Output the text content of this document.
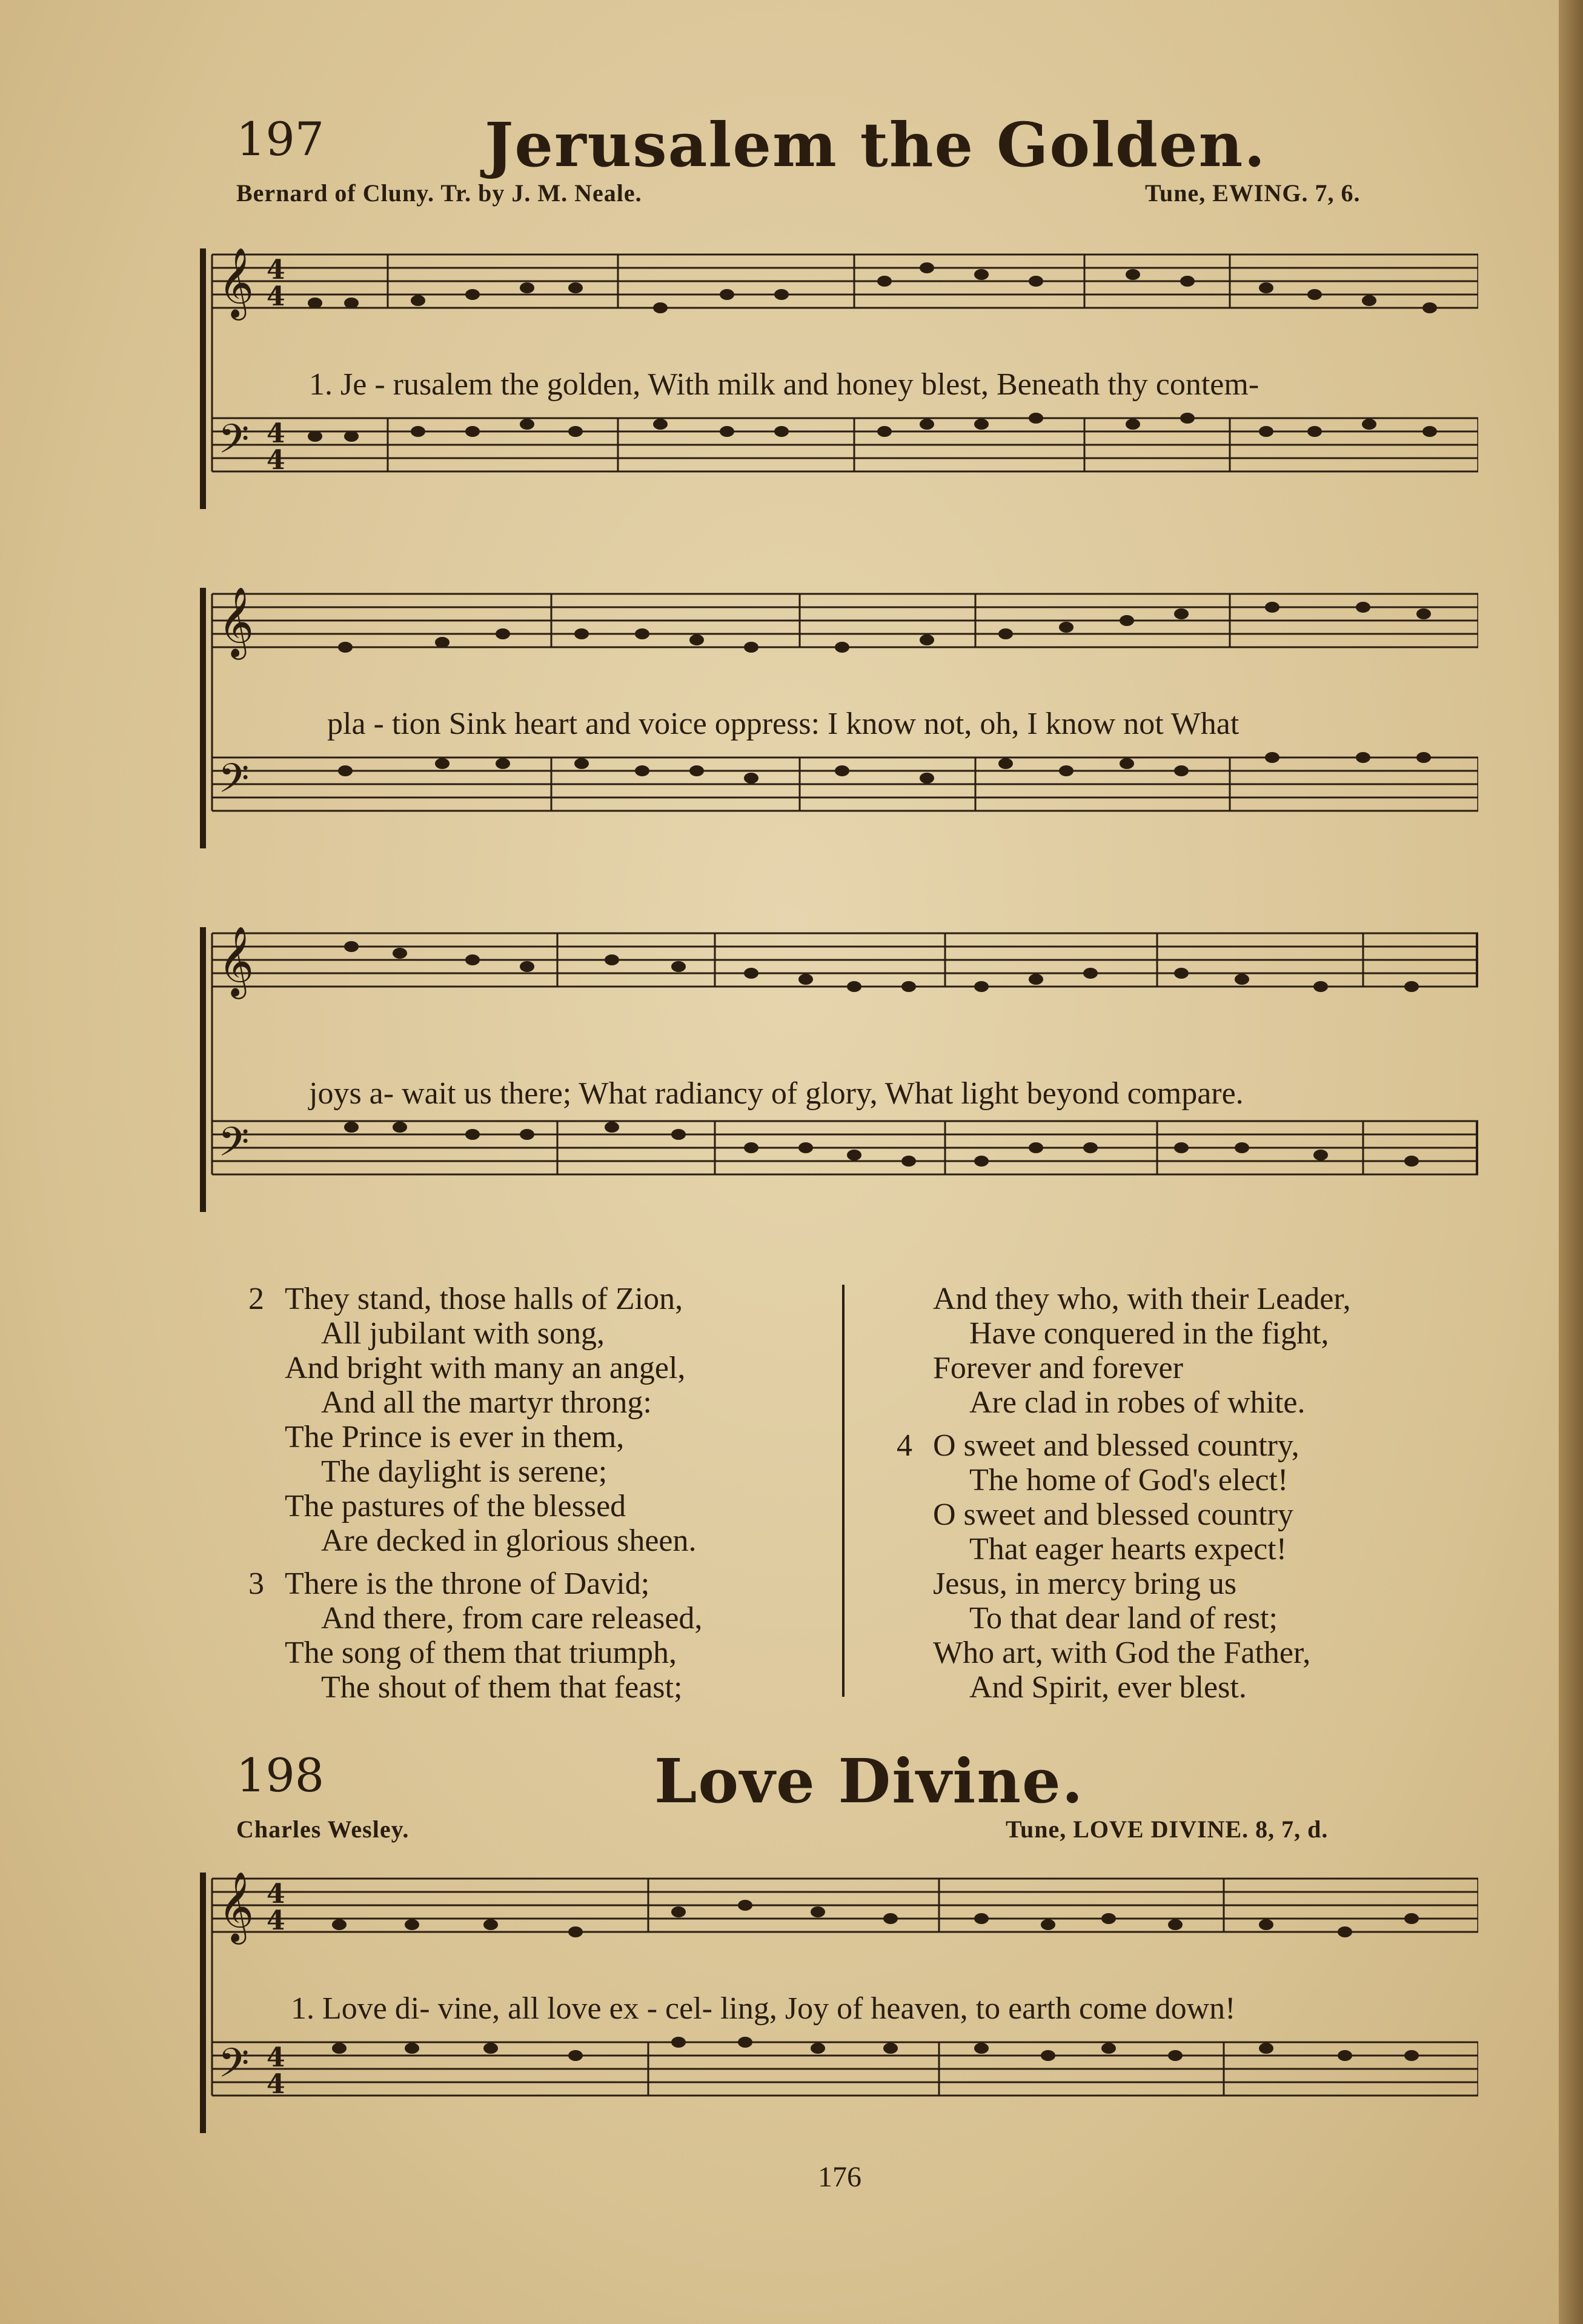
197	Jerusalem the Golden.
Bernard of Cluny. Tr. by J. M. Neale.	Tune, EWING. 7, 6.
𝄞
𝄢
4
4
4
4
1. Je - rusalem the golden, With milk and honey blest, Beneath thy contem-
𝄞
𝄢
pla - tion Sink heart and voice oppress: I know not, oh, I know not What
𝄞
𝄢
joys a- wait us there; What radiancy of glory, What light beyond compare.
2 They stand, those halls of Zion,
All jubilant with song,
And bright with many an angel,
And all the martyr throng:
The Prince is ever in them,
The daylight is serene;
The pastures of the blessed
Are decked in glorious sheen.
3 There is the throne of David;
And there, from care released,
The song of them that triumph,
The shout of them that feast;
And they who, with their Leader,
Have conquered in the fight,
Forever and forever
Are clad in robes of white.
4 O sweet and blessed country,
The home of God's elect!
O sweet and blessed country
That eager hearts expect!
Jesus, in mercy bring us
To that dear land of rest;
Who art, with God the Father,
And Spirit, ever blest.
198	Love Divine.
Charles Wesley.	Tune, LOVE DIVINE. 8, 7, d.
𝄞
𝄢
4
4
4
4
1. Love di- vine, all love ex - cel- ling, Joy of heaven, to earth come down!
176
